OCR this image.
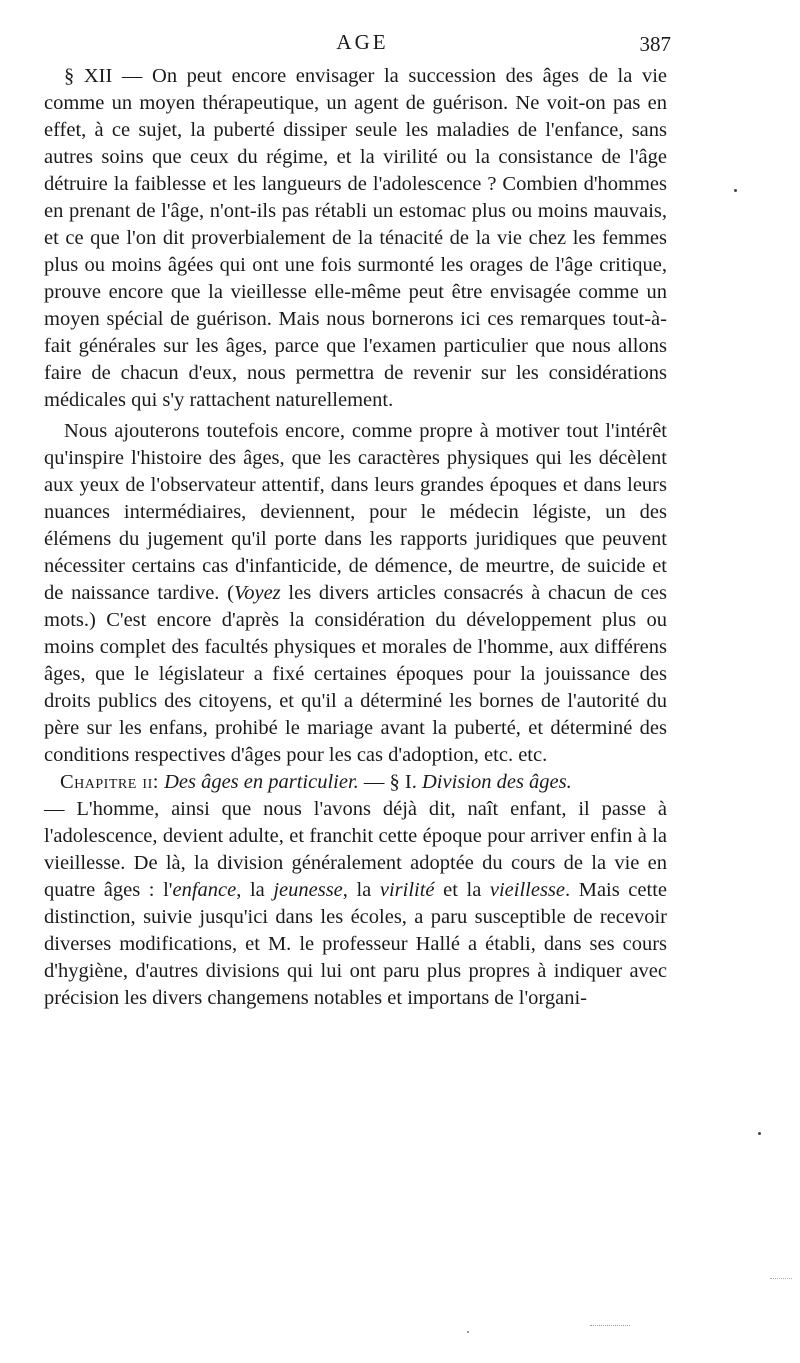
AGE	387

§ XII — On peut encore envisager la succession des âges de la vie comme un moyen thérapeutique, un agent de guérison. Ne voit-on pas en effet, à ce sujet, la puberté dissiper seule les maladies de l'enfance, sans autres soins que ceux du régime, et la virilité ou la consistance de l'âge détruire la faiblesse et les langueurs de l'adolescence ? Combien d'hommes en prenant de l'âge, n'ont-ils pas rétabli un estomac plus ou moins mauvais, et ce que l'on dit proverbialement de la ténacité de la vie chez les femmes plus ou moins âgées qui ont une fois surmonté les orages de l'âge critique, prouve encore que la vieillesse elle-même peut être envisagée comme un moyen spécial de guérison. Mais nous bornerons ici ces remarques tout-à-fait générales sur les âges, parce que l'examen particulier que nous allons faire de chacun d'eux, nous permettra de revenir sur les considérations médicales qui s'y rattachent naturellement.

Nous ajouterons toutefois encore, comme propre à motiver tout l'intérêt qu'inspire l'histoire des âges, que les caractères physiques qui les décèlent aux yeux de l'observateur attentif, dans leurs grandes époques et dans leurs nuances intermédiaires, deviennent, pour le médecin légiste, un des élémens du jugement qu'il porte dans les rapports juridiques que peuvent nécessiter certains cas d'infanticide, de démence, de meurtre, de suicide et de naissance tardive. (Voyez les divers articles consacrés à chacun de ces mots.) C'est encore d'après la considération du développement plus ou moins complet des facultés physiques et morales de l'homme, aux différens âges, que le législateur a fixé certaines époques pour la jouissance des droits publics des citoyens, et qu'il a déterminé les bornes de l'autorité du père sur les enfans, prohibé le mariage avant la puberté, et déterminé des conditions respectives d'âges pour les cas d'adoption, etc. etc.

Chapitre ii: Des âges en particulier. — § I. Division des âges.

— L'homme, ainsi que nous l'avons déjà dit, naît enfant, il passe à l'adolescence, devient adulte, et franchit cette époque pour arriver enfin à la vieillesse. De là, la division généralement adoptée du cours de la vie en quatre âges : l'enfance, la jeunesse, la virilité et la vieillesse. Mais cette distinction, suivie jusqu'ici dans les écoles, a paru susceptible de recevoir diverses modifications, et M. le professeur Hallé a établi, dans ses cours d'hygiène, d'autres divisions qui lui ont paru plus propres à indiquer avec précision les divers changemens notables et importans de l'organi-
